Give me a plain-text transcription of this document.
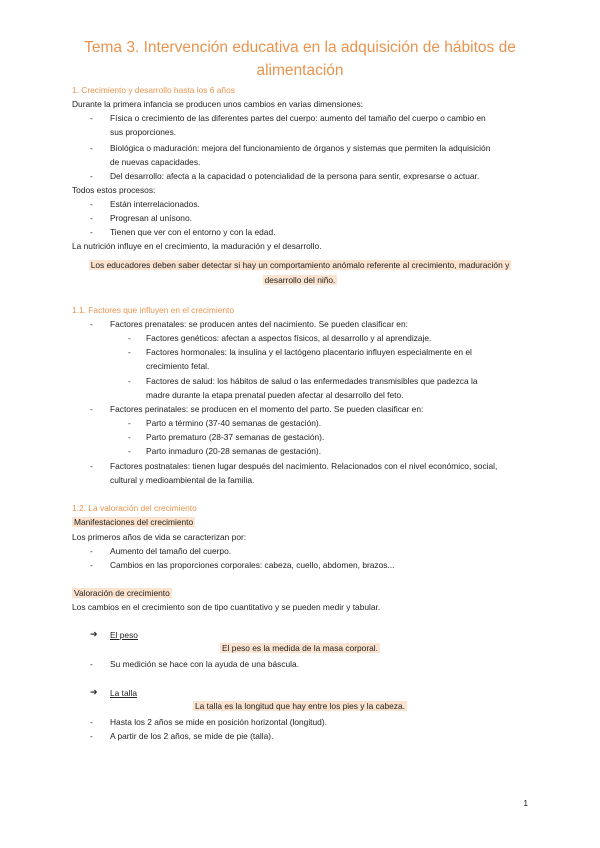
Tema 3. Intervención educativa en la adquisición de hábitos de
alimentación
1. Crecimiento y desarrollo hasta los 6 años
Durante la primera infancia se producen unos cambios en varias dimensiones:
- Física o crecimiento de las diferentes partes del cuerpo: aumento del tamaño del cuerpo o cambio en
sus proporciones.
- Biológica o maduración: mejora del funcionamiento de órganos y sistemas que permiten la adquisición
de nuevas capacidades.
- Del desarrollo: afecta a la capacidad o potencialidad de la persona para sentir, expresarse o actuar.
Todos estos procesos:
- Están interrelacionados.
- Progresan al unísono.
- Tienen que ver con el entorno y con la edad.
La nutrición influye en el crecimiento, la maduración y el desarrollo.
Los educadores deben saber detectar si hay un comportamiento anómalo referente al crecimiento, maduración y
desarrollo del niño.
1.1. Factores que influyen en el crecimiento
- Factores prenatales: se producen antes del nacimiento. Se pueden clasificar en:
- Factores genéticos: afectan a aspectos físicos, al desarrollo y al aprendizaje.
- Factores hormonales: la insulina y el lactógeno placentario influyen especialmente en el
crecimiento fetal.
- Factores de salud: los hábitos de salud o las enfermedades transmisibles que padezca la
madre durante la etapa prenatal pueden afectar al desarrollo del feto.
- Factores perinatales: se producen en el momento del parto. Se pueden clasificar en:
- Parto a término (37-40 semanas de gestación).
- Parto prematuro (28-37 semanas de gestación).
- Parto inmaduro (20-28 semanas de gestación).
- Factores postnatales: tienen lugar después del nacimiento. Relacionados con el nivel económico, social,
cultural y medioambiental de la familia.
1.2. La valoración del crecimiento
Manifestaciones del crecimiento
Los primeros años de vida se caracterizan por:
- Aumento del tamaño del cuerpo.
- Cambios en las proporciones corporales: cabeza, cuello, abdomen, brazos...
Valoración de crecimiento
Los cambios en el crecimiento son de tipo cuantitativo y se pueden medir y tabular.
➔ El peso
El peso es la medida de la masa corporal.
- Su medición se hace con la ayuda de una báscula.
➔ La talla
La talla es la longitud que hay entre los pies y la cabeza.
- Hasta los 2 años se mide en posición horizontal (longitud).
- A partir de los 2 años, se mide de pie (talla).
1
